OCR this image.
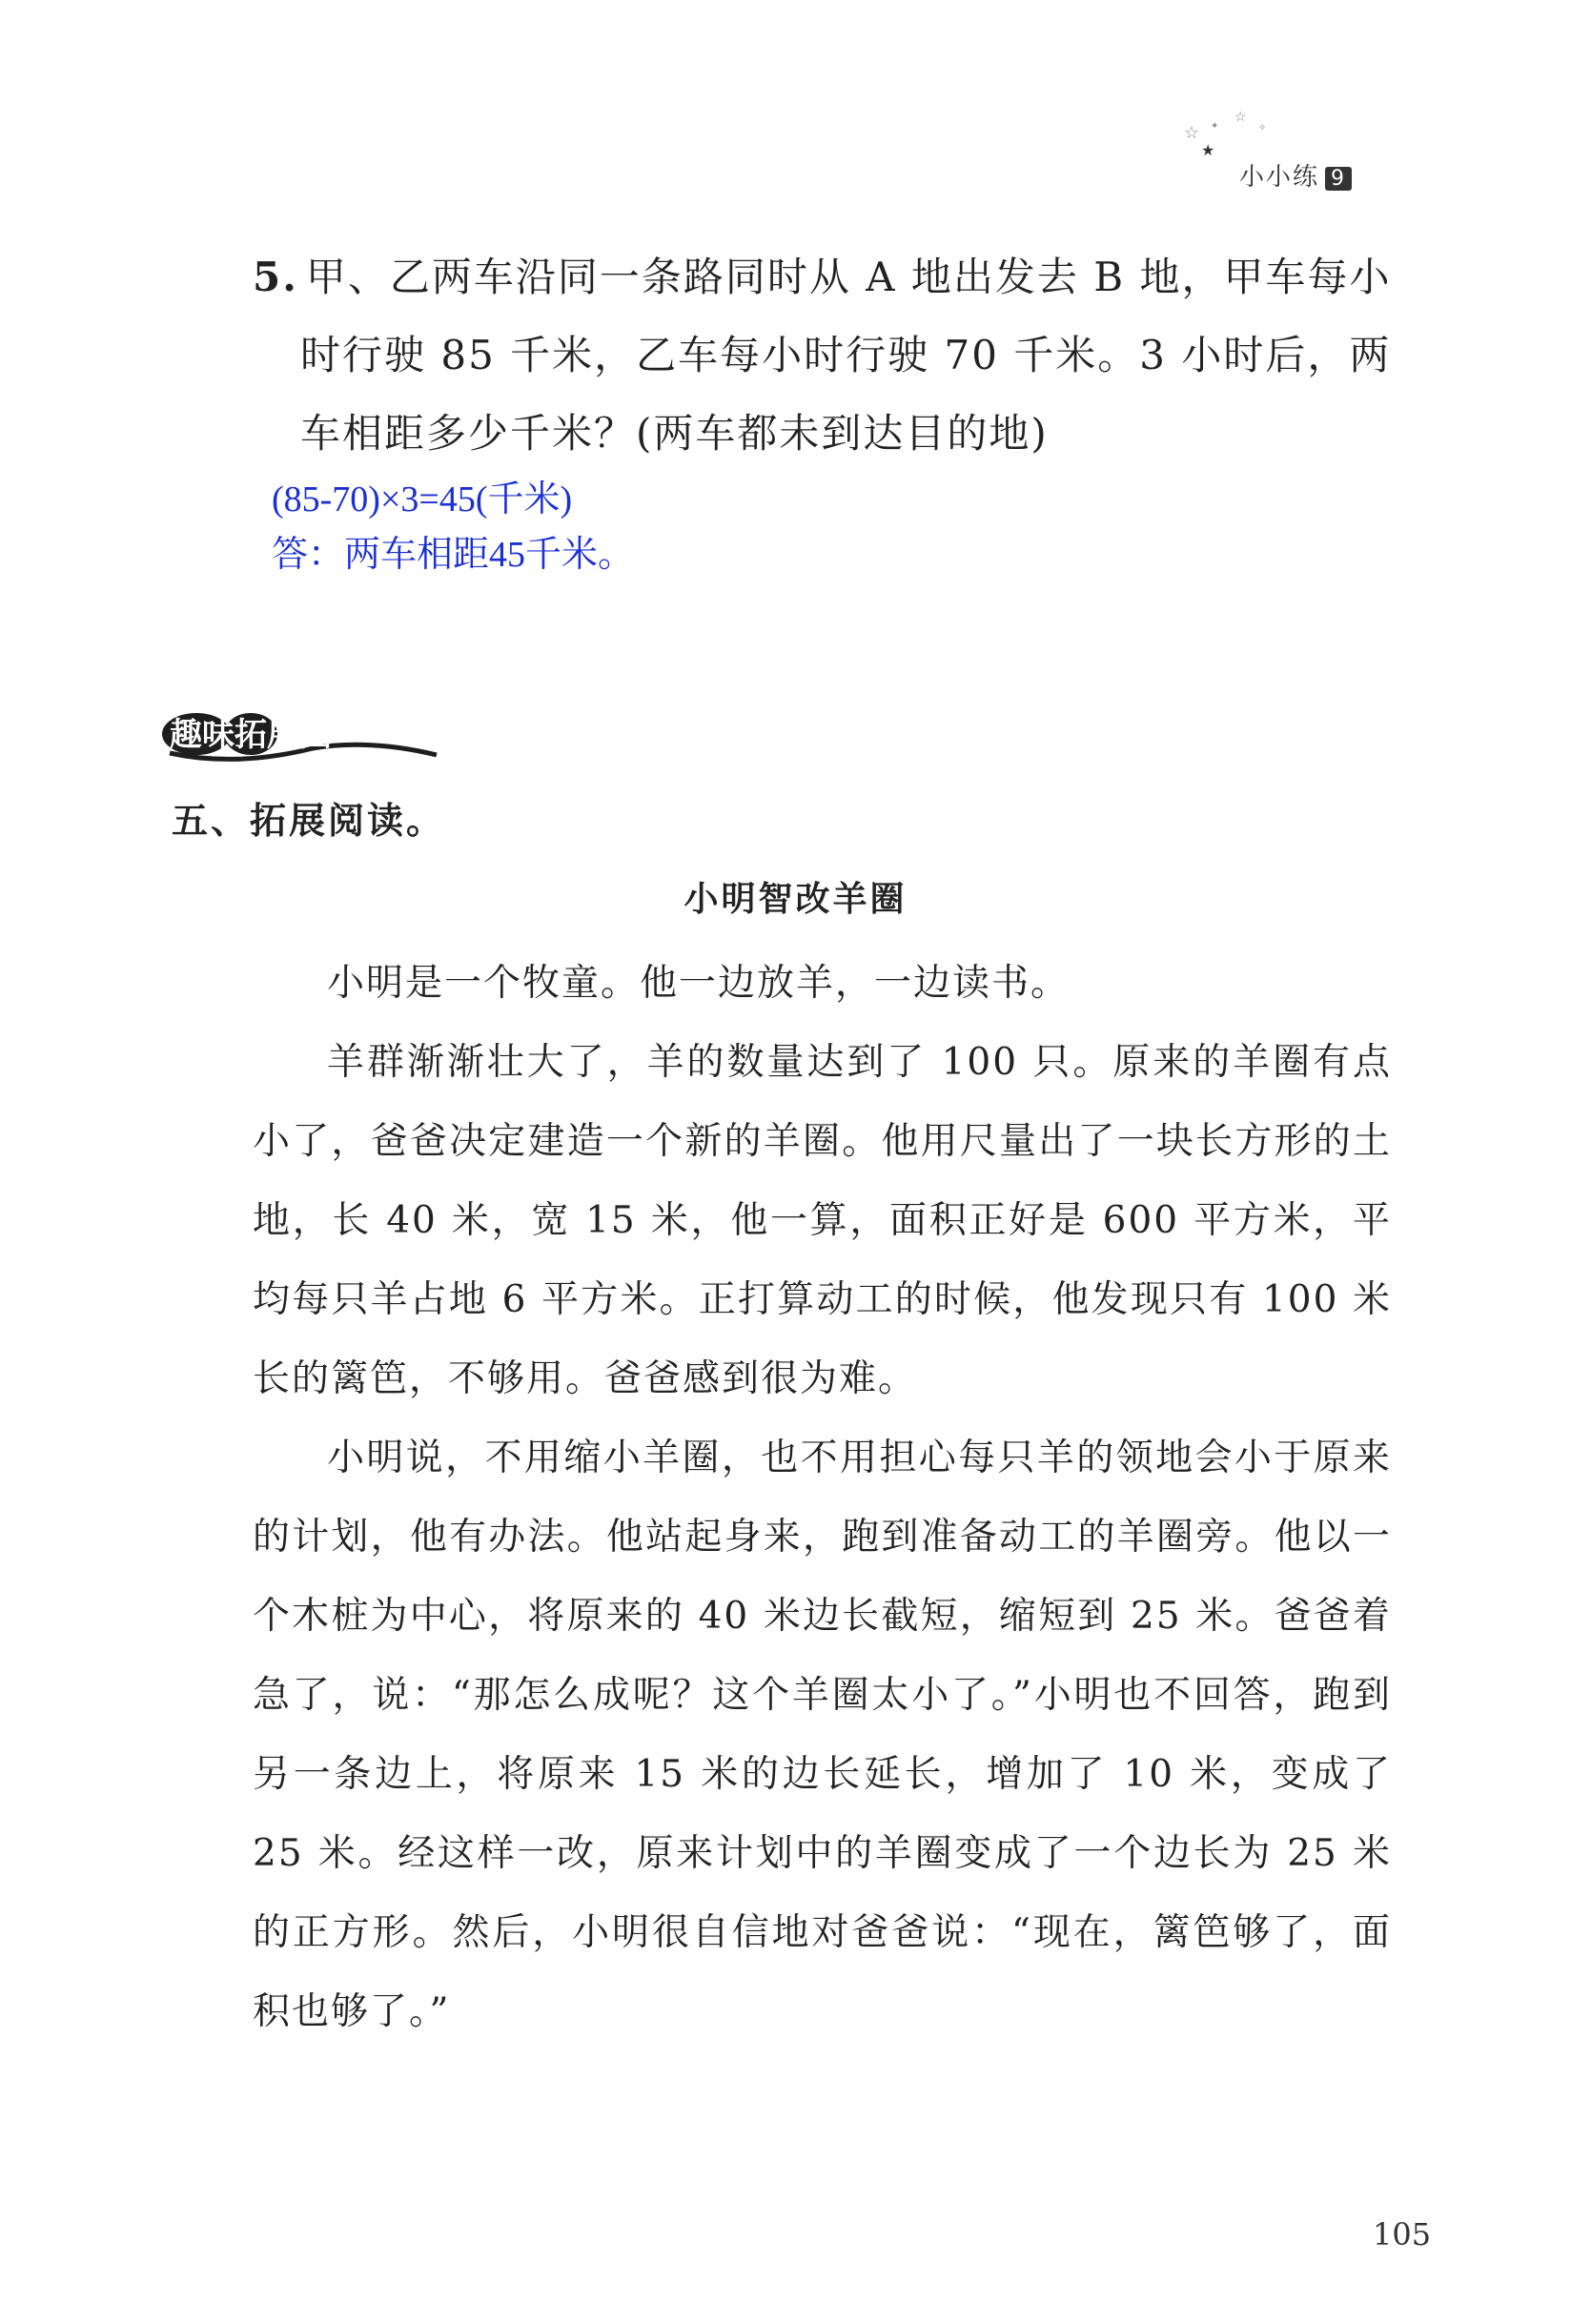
☆ ✦
☆
✧
★
小小练 9
5. 甲、乙两车沿同一条路同时从 A 地出发去 B 地，甲车每小
时行驶 85 千米，乙车每小时行驶 70 千米。3 小时后，两
车相距多少千米？(两车都未到达目的地)
(85-70)×3=45(千米)
答：两车相距45千米。
趣味拓展园
五、拓展阅读。
小明智改羊圈

小明是一个牧童。他一边放羊，一边读书。

羊群渐渐壮大了，羊的数量达到了 100 只。原来的羊圈有点小了，爸爸决定建造一个新的羊圈。他用尺量出了一块长方形的土地，长 40 米，宽 15 米，他一算，面积正好是 600 平方米，平均每只羊占地 6 平方米。正打算动工的时候，他发现只有 100 米长的篱笆，不够用。爸爸感到很为难。

小明说，不用缩小羊圈，也不用担心每只羊的领地会小于原来的计划，他有办法。他站起身来，跑到准备动工的羊圈旁。他以一个木桩为中心，将原来的 40 米边长截短，缩短到 25 米。爸爸着急了，说：“那怎么成呢？这个羊圈太小了。”小明也不回答，跑到另一条边上，将原来 15 米的边长延长，增加了 10 米，变成了 25 米。经这样一改，原来计划中的羊圈变成了一个边长为 25 米的正方形。然后，小明很自信地对爸爸说：“现在，篱笆够了，面积也够了。”

105
